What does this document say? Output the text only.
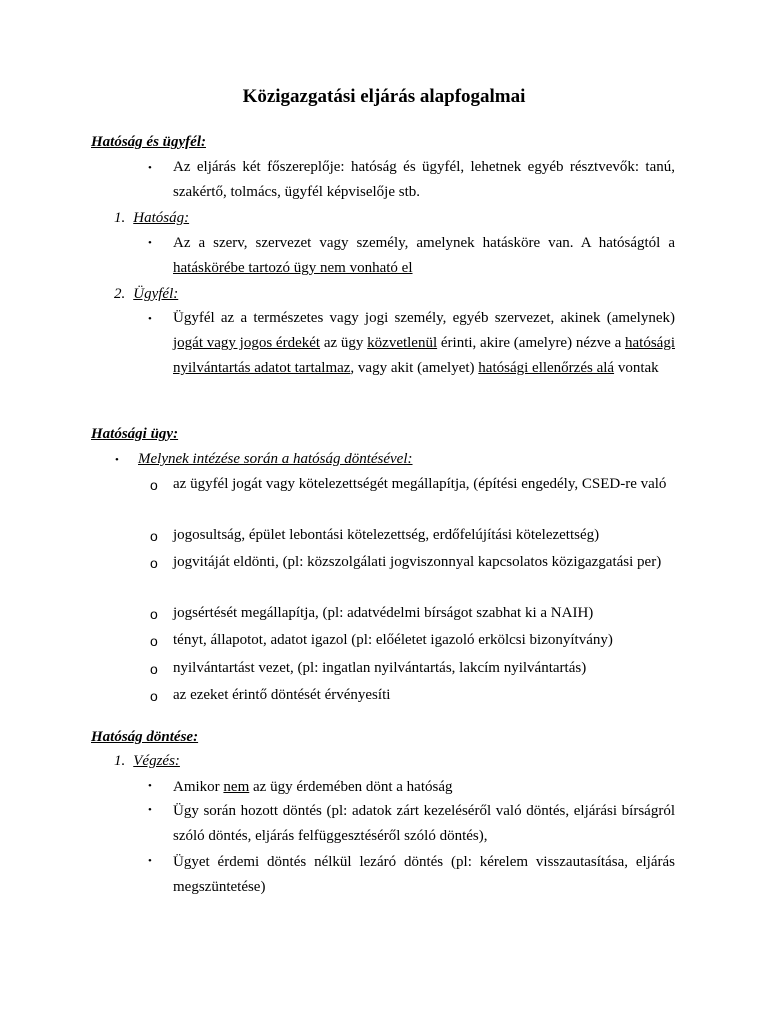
Közigazgatási eljárás alapfogalmai
Hatóság és ügyfél:
• Az eljárás két főszereplője: hatóság és ügyfél, lehetnek egyéb résztvevők: tanú, szakértő, tolmács, ügyfél képviselője stb.
1. Hatóság:
• Az a szerv, szervezet vagy személy, amelynek hatásköre van. A hatóságtól a hatáskörébe tartozó ügy nem vonható el
2. Ügyfél:
• Ügyfél az a természetes vagy jogi személy, egyéb szervezet, akinek (amelynek) jogát vagy jogos érdekét az ügy közvetlenül érinti, akire (amelyre) nézve a hatósági nyilvántartás adatot tartalmaz, vagy akit (amelyet) hatósági ellenőrzés alá vontak
Hatósági ügy:
• Melynek intézése során a hatóság döntésével:
o az ügyfél jogát vagy kötelezettségét megállapítja, (építési engedély, CSED-re való
o jogosultság, épület lebontási kötelezettség, erdőfelújítási kötelezettség)
o jogvitáját eldönti, (pl: közszolgálati jogviszonnyal kapcsolatos közigazgatási per)
o jogsértését megállapítja, (pl: adatvédelmi bírságot szabhat ki a NAIH)
o tényt, állapotot, adatot igazol (pl: előéletet igazoló erkölcsi bizonyítvány)
o nyilvántartást vezet, (pl: ingatlan nyilvántartás, lakcím nyilvántartás)
o az ezeket érintő döntését érvényesíti
Hatóság döntése:
1. Végzés:
• Amikor nem az ügy érdemében dönt a hatóság
• Ügy során hozott döntés (pl: adatok zárt kezeléséről való döntés, eljárási bírságról szóló döntés, eljárás felfüggesztéséről szóló döntés),
• Ügyet érdemi döntés nélkül lezáró döntés (pl: kérelem visszautasítása, eljárás megszüntetése)
